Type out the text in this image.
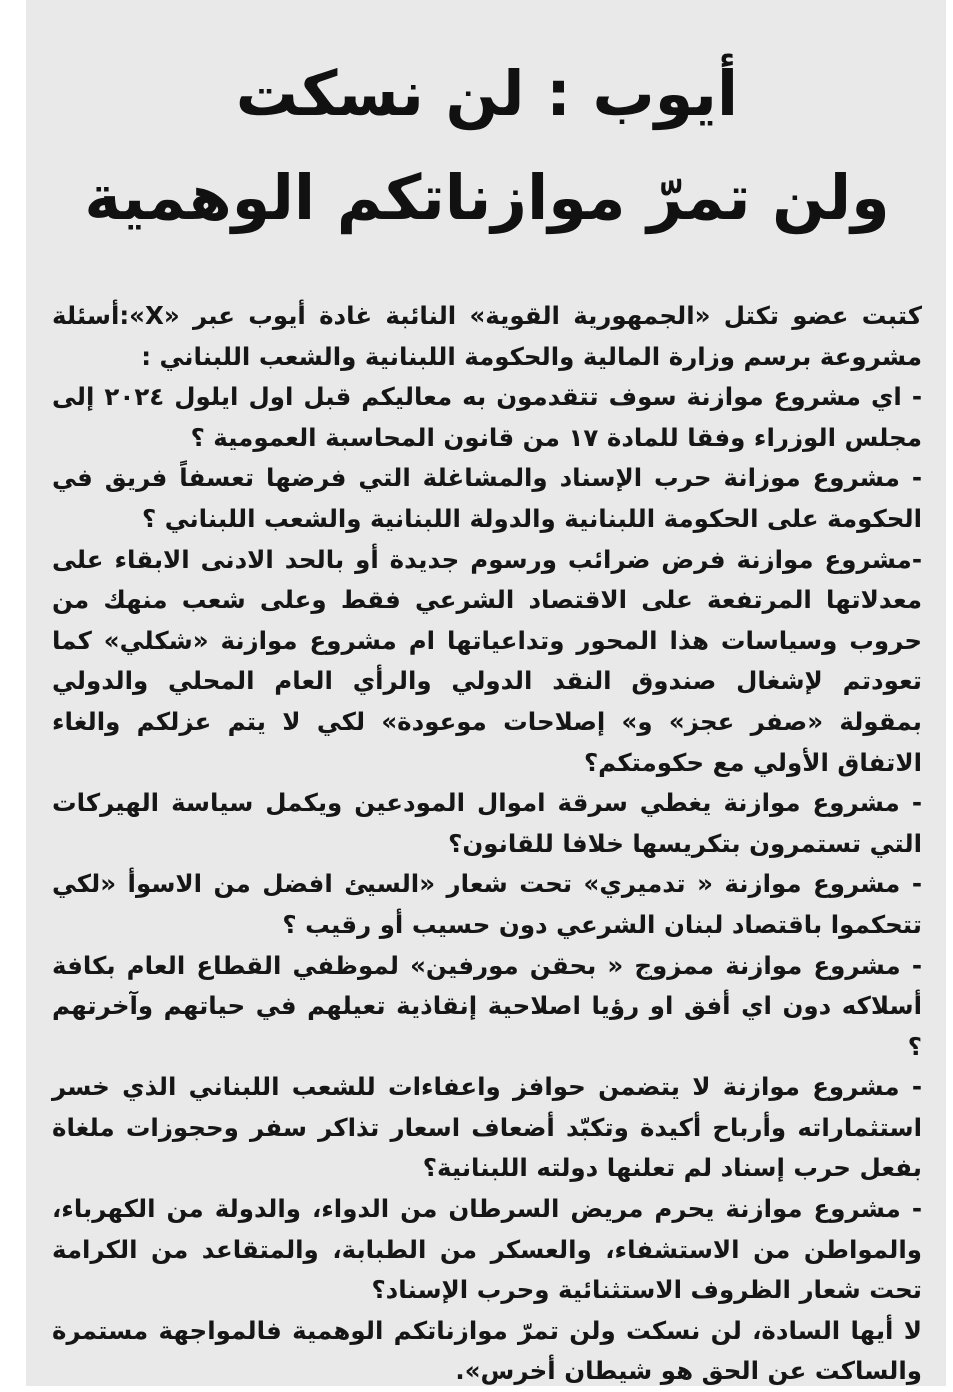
أيوب : لن نسكت
ولن تمرّ موازناتكم الوهمية

كتبت عضو تكتل «الجمهورية القوية» النائبة غادة أيوب عبر «X»:أسئلة مشروعة برسم وزارة المالية والحكومة اللبنانية والشعب اللبناني :

- اي مشروع موازنة سوف تتقدمون به معاليكم قبل اول ايلول ٢٠٢٤ إلى مجلس الوزراء وفقا للمادة ١٧ من قانون المحاسبة العمومية ؟

- مشروع موزانة حرب الإسناد والمشاغلة التي فرضها تعسفاً فريق في الحكومة على الحكومة اللبنانية والدولة اللبنانية والشعب اللبناني ؟

-مشروع موازنة فرض ضرائب ورسوم جديدة أو بالحد الادنى الابقاء على معدلاتها المرتفعة على الاقتصاد الشرعي فقط وعلى شعب منهك من حروب وسياسات هذا المحور وتداعياتها ام مشروع موازنة «شكلي» كما تعودتم لإشغال صندوق النقد الدولي والرأي العام المحلي والدولي بمقولة «صفر عجز» و» إصلاحات موعودة» لكي لا يتم عزلكم والغاء الاتفاق الأولي مع حكومتكم؟

- مشروع موازنة يغطي سرقة اموال المودعين ويكمل سياسة الهيركات التي تستمرون بتكريسها خلافا للقانون؟

- مشروع موازنة « تدميري» تحت شعار «السيئ افضل من الاسوأ «لكي تتحكموا باقتصاد لبنان الشرعي دون حسيب أو رقيب ؟

- مشروع موازنة ممزوج « بحقن مورفين» لموظفي القطاع العام بكافة أسلاكه دون اي أفق او رؤيا اصلاحية إنقاذية تعيلهم في حياتهم وآخرتهم ؟

- مشروع موازنة لا يتضمن حوافز واعفاءات للشعب اللبناني الذي خسر استثماراته وأرباح أكيدة وتكبّد أضعاف اسعار تذاكر سفر وحجوزات ملغاة بفعل حرب إسناد لم تعلنها دولته اللبنانية؟

- مشروع موازنة يحرم مريض السرطان من الدواء، والدولة من الكهرباء، والمواطن من الاستشفاء، والعسكر من الطبابة، والمتقاعد من الكرامة تحت شعار الظروف الاستثنائية وحرب الإسناد؟

لا أيها السادة، لن نسكت ولن تمرّ موازناتكم الوهمية فالمواجهة مستمرة والساكت عن الحق هو شيطان أخرس».
